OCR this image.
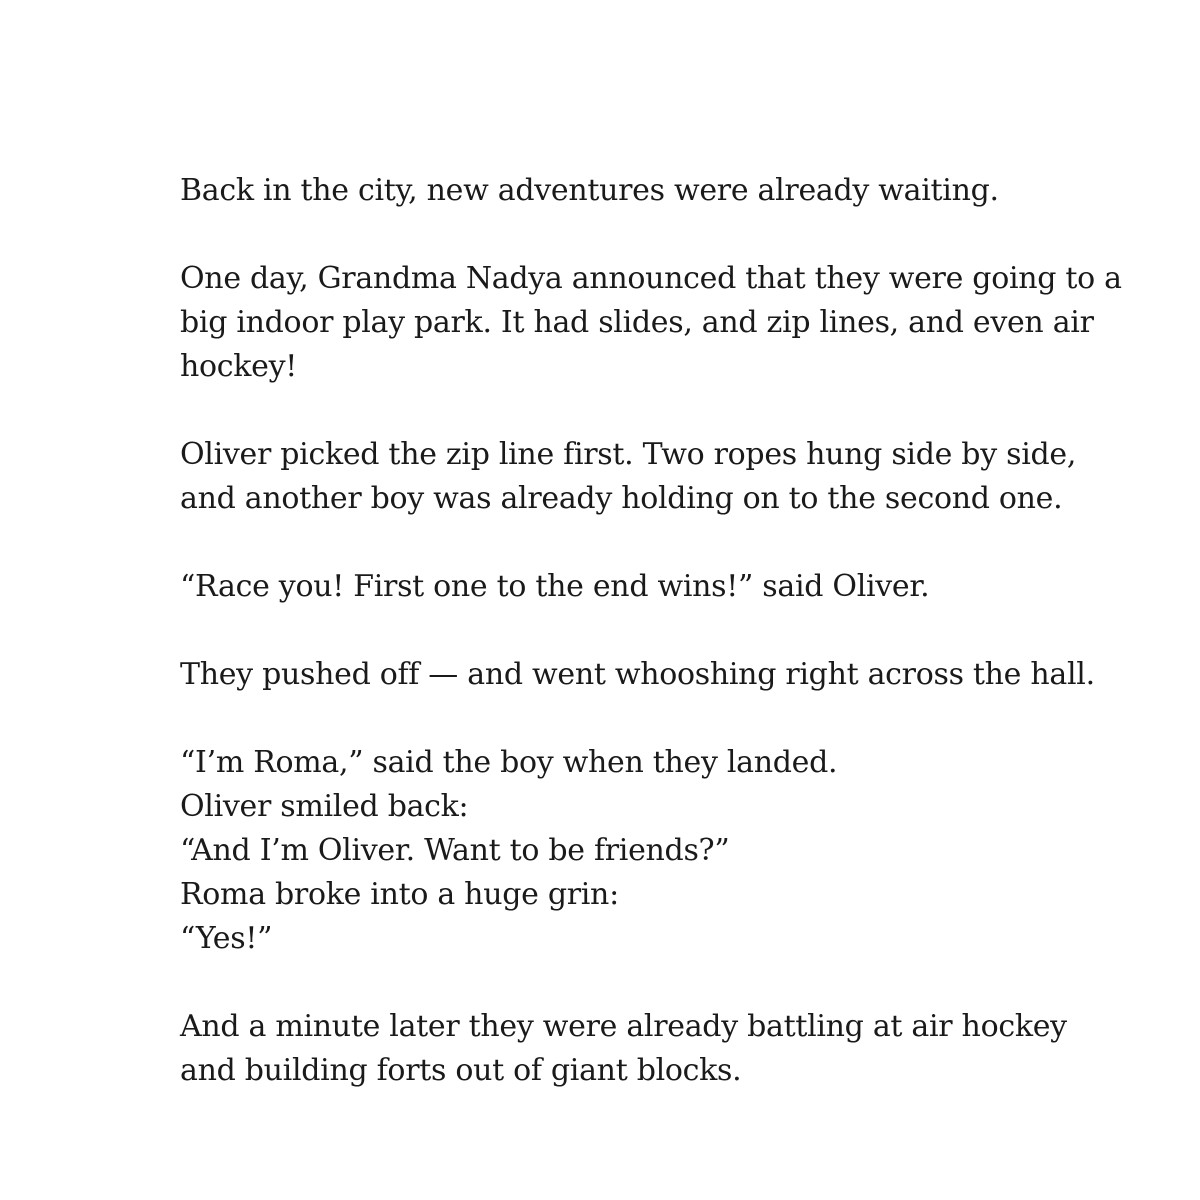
Back in the city, new adventures were already waiting.

One day, Grandma Nadya announced that they were going to a
big indoor play park. It had slides, and zip lines, and even air
hockey!

Oliver picked the zip line first. Two ropes hung side by side,
and another boy was already holding on to the second one.

“Race you! First one to the end wins!” said Oliver.

They pushed off — and went whooshing right across the hall.

“I’m Roma,” said the boy when they landed.
Oliver smiled back:
“And I’m Oliver. Want to be friends?”
Roma broke into a huge grin:
“Yes!”

And a minute later they were already battling at air hockey
and building forts out of giant blocks.
